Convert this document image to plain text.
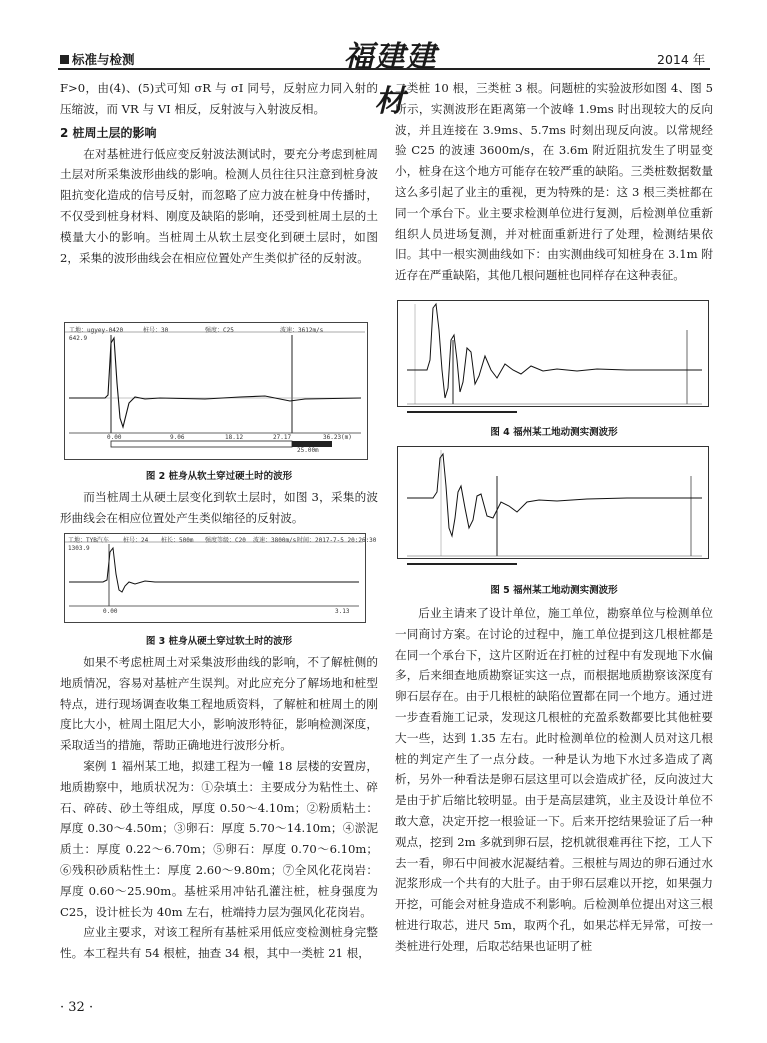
标准与检测	福建建材
2014 年

F>0，由(4)、(5)式可知 σR 与 σI 同号，反射应力同入射的压缩波，而 VR 与 VI 相反，反射波与入射波反相。

2 桩周土层的影响

在对基桩进行低应变反射波法测试时，要充分考虑到桩周土层对所采集波形曲线的影响。检测人员往往只注意到桩身波阻抗变化造成的信号反射，而忽略了应力波在桩身中传播时，不仅受到桩身材料、刚度及缺陷的影响，还受到桩周土层的土模量大小的影响。当桩周土从软土层变化到硬土层时，如图 2，采集的波形曲线会在相应位置处产生类似扩径的反射波。

工地：ugyey-0420	桩号：30	强度：C25	波速：3612m/s
642.9
0.00	9.06	18.12	27.17	36.23(m)
25.00m
图 2 桩身从软土穿过硬土时的波形

而当桩周土从硬土层变化到软土层时，如图 3，采集的波形曲线会在相应位置处产生类似缩径的反射波。

工地：TYB汽车 桩号：24 桩长：500m 强度等级：C20 波速：3800m/s 时间：2017-7-5 20:26:30
1303.9
0.00	3.13
图 3 桩身从硬土穿过软土时的波形

如果不考虑桩周土对采集波形曲线的影响，不了解桩侧的地质情况，容易对基桩产生误判。对此应充分了解场地和桩型特点，进行现场调查收集工程地质资料，了解桩和桩周土的刚度比大小，桩周土阻尼大小，影响波形特征，影响检测深度，采取适当的措施，帮助正确地进行波形分析。

案例 1 福州某工地，拟建工程为一幢 18 层楼的安置房，地质勘察中，地质状况为：①杂填土：主要成分为粘性土、碎石、碎砖、砂土等组成，厚度 0.50～4.10m；②粉质粘土：厚度 0.30～4.50m；③卵石：厚度 5.70～14.10m；④淤泥质土：厚度 0.22～6.70m；⑤卵石：厚度 0.70～6.10m；⑥残积砂质粘性土：厚度 2.60～9.80m；⑦全风化花岗岩：厚度 0.60～25.90m。基桩采用冲钻孔灌注桩，桩身强度为 C25，设计桩长为 40m 左右，桩端持力层为强风化花岗岩。

应业主要求，对该工程所有基桩采用低应变检测桩身完整性。本工程共有 54 根桩，抽查 34 根，其中一类桩 21 根，

二类桩 10 根，三类桩 3 根。问题桩的实验波形如图 4、图 5 所示，实测波形在距离第一个波峰 1.9ms 时出现较大的反向波，并且连接在 3.9ms、5.7ms 时刻出现反向波。以常规经验 C25 的波速 3600m/s，在 3.6m 附近阻抗发生了明显变小，桩身在这个地方可能存在较严重的缺陷。三类桩数据数量这么多引起了业主的重视，更为特殊的是：这 3 根三类桩都在同一个承台下。业主要求检测单位进行复测，后检测单位重新组织人员进场复测，并对桩面重新进行了处理，检测结果依旧。其中一根实测曲线如下：由实测曲线可知桩身在 3.1m 附近存在严重缺陷，其他几根问题桩也同样存在这种表征。

图 4 福州某工地动测实测波形
图 5 福州某工地动测实测波形

后业主请来了设计单位，施工单位，勘察单位与检测单位一同商讨方案。在讨论的过程中，施工单位提到这几根桩都是在同一个承台下，这片区附近在打桩的过程中有发现地下水偏多，后来细查地质勘察证实这一点，而根据地质勘察该深度有卵石层存在。由于几根桩的缺陷位置都在同一个地方。通过进一步查看施工记录，发现这几根桩的充盈系数都要比其他桩要大一些，达到 1.35 左右。此时检测单位的检测人员对这几根桩的判定产生了一点分歧。一种是认为地下水过多造成了离析，另外一种看法是卵石层这里可以会造成扩径，反向波过大是由于扩后缩比较明显。由于是高层建筑，业主及设计单位不敢大意，决定开挖一根验证一下。后来开挖结果验证了后一种观点，挖到 2m 多就到卵石层，挖机就很难再往下挖，工人下去一看，卵石中间被水泥凝结着。三根桩与周边的卵石通过水泥浆形成一个共有的大肚子。由于卵石层难以开挖，如果强力开挖，可能会对桩身造成不利影响。后检测单位提出对这三根桩进行取芯，进尺 5m，取两个孔，如果芯样无异常，可按一类桩进行处理，后取芯结果也证明了桩

· 32 ·
